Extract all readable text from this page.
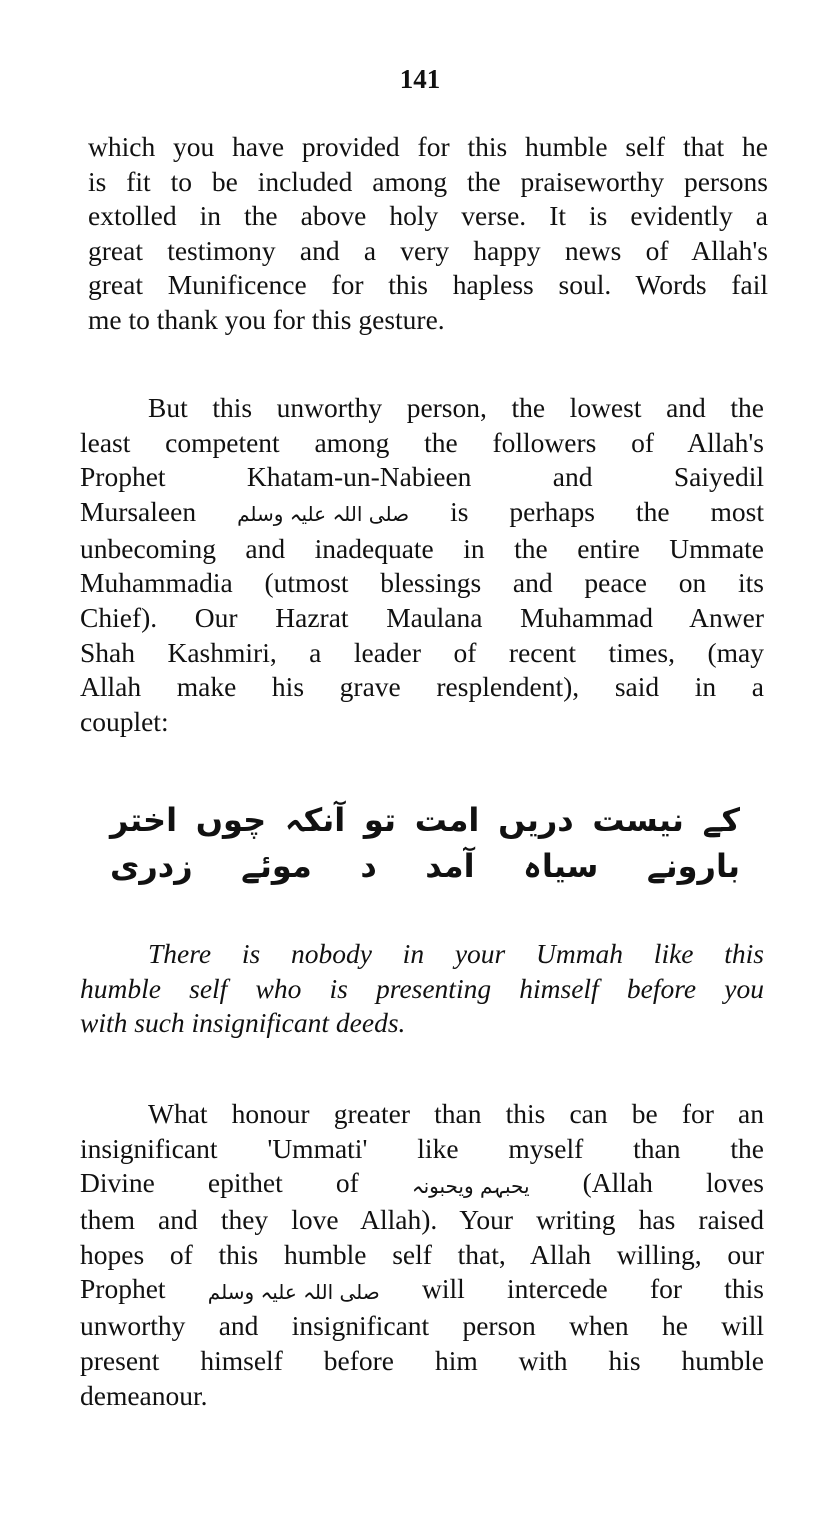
141
which you have provided for this humble self that he
is fit to be included among the praiseworthy persons
extolled in the above holy verse. It is evidently a
great testimony and a very happy news of Allah's
great Munificence for this hapless soul. Words fail
me to thank you for this gesture.
But this unworthy person, the lowest and the
least competent among the followers of Allah's
Prophet Khatam-un-Nabieen and Saiyedil
Mursaleen صلی اللہ علیہ وسلم is perhaps the most
unbecoming and inadequate in the entire Ummate
Muhammadia (utmost blessings and peace on its
Chief). Our Hazrat Maulana Muhammad Anwer
Shah Kashmiri, a leader of recent times, (may
Allah make his grave resplendent), said in a
couplet:
کے
نیست
دریں
امت
تو
آنکہ
چوں
اختر
بارونے
سیاہ
آمد
د
موئے
زدری
There is nobody in your Ummah like this
humble self who is presenting himself before you
with such insignificant deeds.
What honour greater than this can be for an
insignificant 'Ummati' like myself than the
Divine epithet of	یحبہم ویحبونہ (Allah loves
them and they love Allah). Your writing has raised
hopes of this humble self that, Allah willing, our
Prophet صلی اللہ علیہ وسلم will intercede for this
unworthy and insignificant person when he will
present himself before him with his humble
demeanour.
